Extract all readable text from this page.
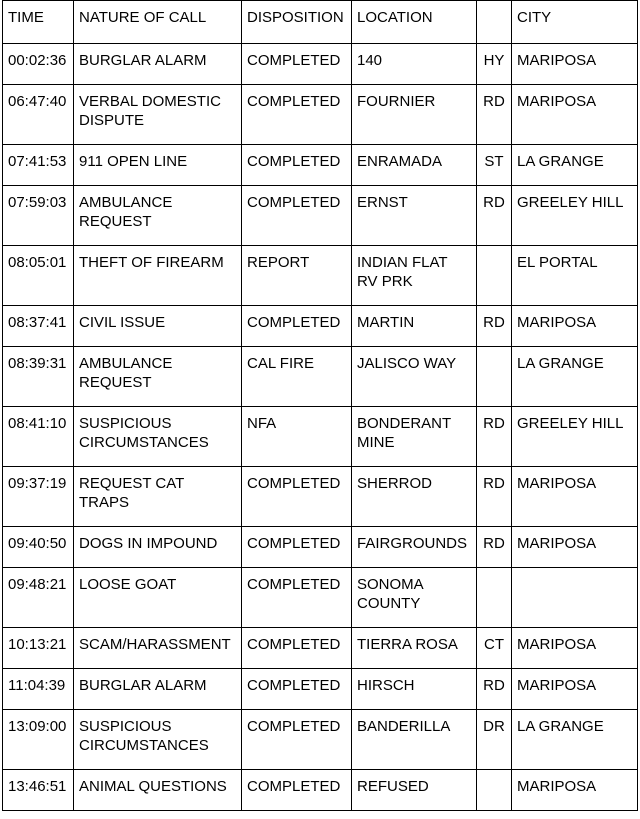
TIME	NATURE OF CALL	DISPOSITION	LOCATION		CITY
00:02:36	BURGLAR ALARM	COMPLETED	140	HY	MARIPOSA
06:47:40	VERBAL DOMESTIC DISPUTE	COMPLETED	FOURNIER	RD	MARIPOSA
07:41:53	911 OPEN LINE	COMPLETED	ENRAMADA	ST	LA GRANGE
07:59:03	AMBULANCE REQUEST	COMPLETED	ERNST	RD	GREELEY HILL
08:05:01	THEFT OF FIREARM	REPORT	INDIAN FLAT RV PRK		EL PORTAL
08:37:41	CIVIL ISSUE	COMPLETED	MARTIN	RD	MARIPOSA
08:39:31	AMBULANCE REQUEST	CAL FIRE	JALISCO WAY		LA GRANGE
08:41:10	SUSPICIOUS CIRCUMSTANCES	NFA	BONDERANT MINE	RD	GREELEY HILL
09:37:19	REQUEST CAT TRAPS	COMPLETED	SHERROD	RD	MARIPOSA
09:40:50	DOGS IN IMPOUND	COMPLETED	FAIRGROUNDS	RD	MARIPOSA
09:48:21	LOOSE GOAT	COMPLETED	SONOMA COUNTY		
10:13:21	SCAM/HARASSMENT	COMPLETED	TIERRA ROSA	CT	MARIPOSA
11:04:39	BURGLAR ALARM	COMPLETED	HIRSCH	RD	MARIPOSA
13:09:00	SUSPICIOUS CIRCUMSTANCES	COMPLETED	BANDERILLA	DR	LA GRANGE
13:46:51	ANIMAL QUESTIONS	COMPLETED	REFUSED		MARIPOSA
